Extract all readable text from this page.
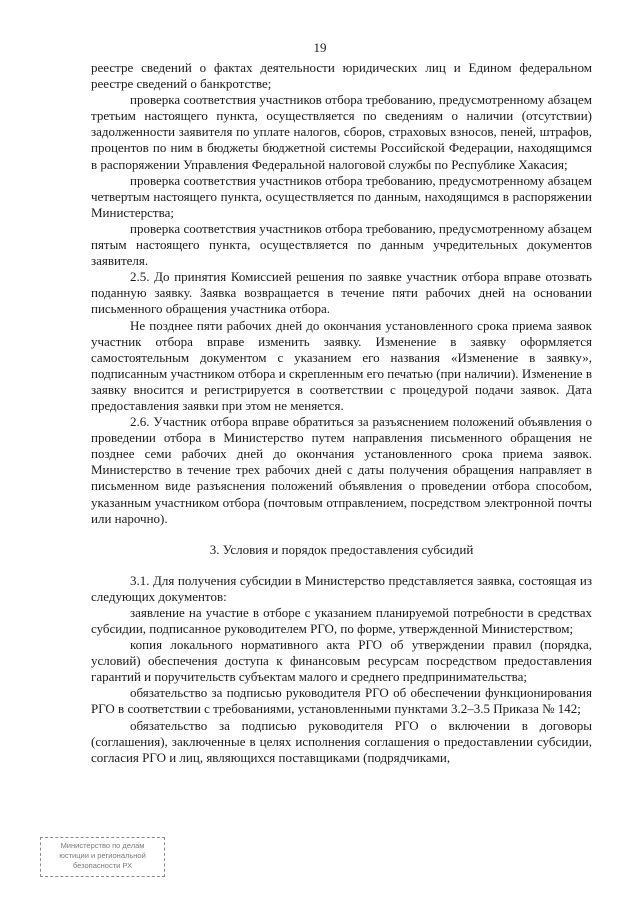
19

реестре сведений о фактах деятельности юридических лиц и Едином федеральном реестре сведений о банкротстве;

проверка соответствия участников отбора требованию, предусмотренному абзацем третьим настоящего пункта, осуществляется по сведениям о наличии (отсутствии) задолженности заявителя по уплате налогов, сборов, страховых взносов, пеней, штрафов, процентов по ним в бюджеты бюджетной системы Российской Федерации, находящимся в распоряжении Управления Федеральной налоговой службы по Республике Хакасия;

проверка соответствия участников отбора требованию, предусмотренному абзацем четвертым настоящего пункта, осуществляется по данным, находящимся в распоряжении Министерства;

проверка соответствия участников отбора требованию, предусмотренному абзацем пятым настоящего пункта, осуществляется по данным учредительных документов заявителя.

2.5. До принятия Комиссией решения по заявке участник отбора вправе отозвать поданную заявку. Заявка возвращается в течение пяти рабочих дней на основании письменного обращения участника отбора.

Не позднее пяти рабочих дней до окончания установленного срока приема заявок участник отбора вправе изменить заявку. Изменение в заявку оформляется самостоятельным документом с указанием его названия «Изменение в заявку», подписанным участником отбора и скрепленным его печатью (при наличии). Изменение в заявку вносится и регистрируется в соответствии с процедурой подачи заявок. Дата предоставления заявки при этом не меняется.

2.6. Участник отбора вправе обратиться за разъяснением положений объявления о проведении отбора в Министерство путем направления письменного обращения не позднее семи рабочих дней до окончания установленного срока приема заявок. Министерство в течение трех рабочих дней с даты получения обращения направляет в письменном виде разъяснения положений объявления о проведении отбора способом, указанным участником отбора (почтовым отправлением, посредством электронной почты или нарочно).

3. Условия и порядок предоставления субсидий

3.1. Для получения субсидии в Министерство представляется заявка, состоящая из следующих документов:

заявление на участие в отборе с указанием планируемой потребности в средствах субсидии, подписанное руководителем РГО, по форме, утвержденной Министерством;

копия локального нормативного акта РГО об утверждении правил (порядка, условий) обеспечения доступа к финансовым ресурсам посредством предоставления гарантий и поручительств субъектам малого и среднего предпринимательства;

обязательство за подписью руководителя РГО об обеспечении функционирования РГО в соответствии с требованиями, установленными пунктами 3.2–3.5 Приказа № 142;

обязательство за подписью руководителя РГО о включении в договоры (соглашения), заключенные в целях исполнения соглашения о предоставлении субсидии, согласия РГО и лиц, являющихся поставщиками (подрядчиками,

Министерство по делам
юстиции и региональной
безопасности РХ
